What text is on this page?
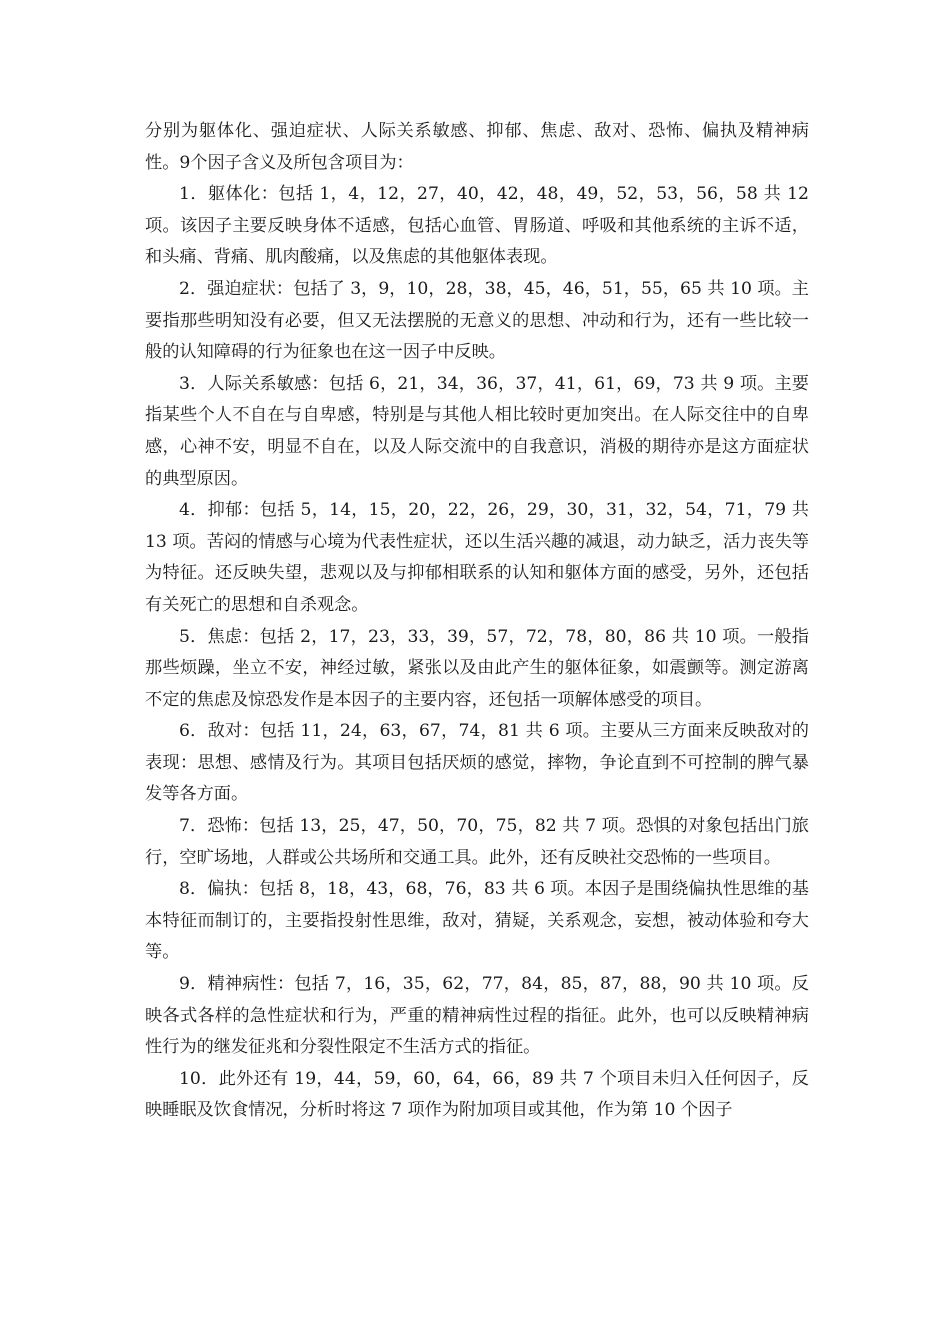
分别为躯体化、强迫症状、人际关系敏感、抑郁、焦虑、敌对、恐怖、偏执及精神病性。9个因子含义及所包含项目为：

1．躯体化：包括 1，4，12，27，40，42，48，49，52，53，56，58 共 12 项。该因子主要反映身体不适感，包括心血管、胃肠道、呼吸和其他系统的主诉不适，和头痛、背痛、肌肉酸痛，以及焦虑的其他躯体表现。

2．强迫症状：包括了 3，9，10，28，38，45，46，51，55，65 共 10 项。主要指那些明知没有必要，但又无法摆脱的无意义的思想、冲动和行为，还有一些比较一般的认知障碍的行为征象也在这一因子中反映。

3．人际关系敏感：包括 6，21，34，36，37，41，61，69，73 共 9 项。主要指某些个人不自在与自卑感，特别是与其他人相比较时更加突出。在人际交往中的自卑感，心神不安，明显不自在，以及人际交流中的自我意识，消极的期待亦是这方面症状的典型原因。

4．抑郁：包括 5，14，15，20，22，26，29，30，31，32，54，71，79 共 13 项。苦闷的情感与心境为代表性症状，还以生活兴趣的减退，动力缺乏，活力丧失等为特征。还反映失望，悲观以及与抑郁相联系的认知和躯体方面的感受，另外，还包括有关死亡的思想和自杀观念。

5．焦虑：包括 2，17，23，33，39，57，72，78，80，86 共 10 项。一般指那些烦躁，坐立不安，神经过敏，紧张以及由此产生的躯体征象，如震颤等。测定游离不定的焦虑及惊恐发作是本因子的主要内容，还包括一项解体感受的项目。

6．敌对：包括 11，24，63，67，74，81 共 6 项。主要从三方面来反映敌对的表现：思想、感情及行为。其项目包括厌烦的感觉，摔物，争论直到不可控制的脾气暴发等各方面。

7．恐怖：包括 13，25，47，50，70，75，82 共 7 项。恐惧的对象包括出门旅行，空旷场地，人群或公共场所和交通工具。此外，还有反映社交恐怖的一些项目。

8．偏执：包括 8，18，43，68，76，83 共 6 项。本因子是围绕偏执性思维的基本特征而制订的，主要指投射性思维，敌对，猜疑，关系观念，妄想，被动体验和夸大等。

9．精神病性：包括 7，16，35，62，77，84，85，87，88，90 共 10 项。反映各式各样的急性症状和行为，严重的精神病性过程的指征。此外，也可以反映精神病性行为的继发征兆和分裂性限定不生活方式的指征。

10．此外还有 19，44，59，60，64，66，89 共 7 个项目未归入任何因子，反映睡眠及饮食情况，分析时将这 7 项作为附加项目或其他，作为第 10 个因子
